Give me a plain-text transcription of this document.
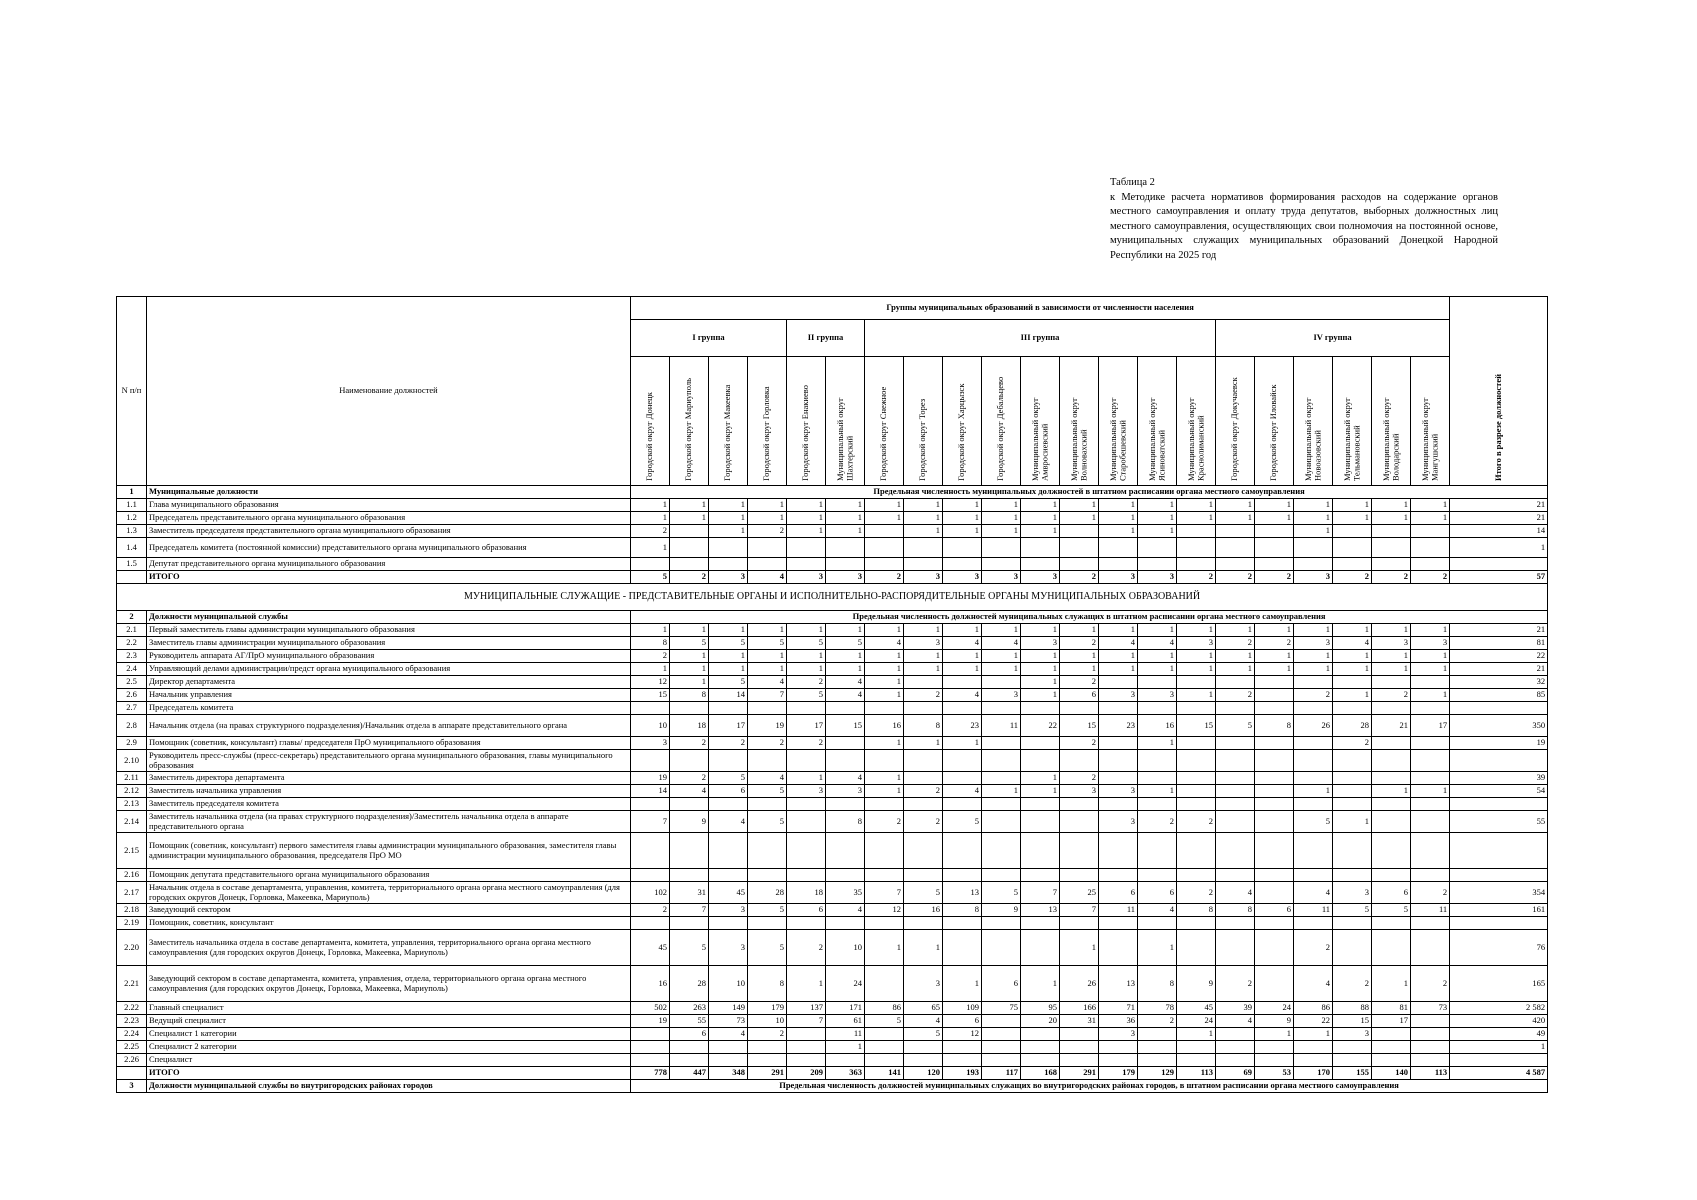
Таблица 2
к Методике расчета нормативов формирования расходов на содержание органов местного самоуправления и оплату труда депутатов, выборных должностных лиц местного самоуправления, осуществляющих свои полномочия на постоянной основе, муниципальных служащих муниципальных образований Донецкой Народной Республики на 2025 год
N п/п	Наименование должностей	Группы муниципальных образований в зависимости от численности населения																					Итого в разрезе должностей
		I группа				II группа		III группа									IV группа						
		Городской округ Донецк	Городской округ Мариуполь	Городской округ Макеевка	Городской округ Горловка	Городской округ Енакиево	Муниципальный округ Шахтерский	Городской округ Снежное	Городской округ Торез	Городской округ Харцызск	Городской округ Дебальцево	Муниципальный округ Амвросиевский	Муниципальный округ Волновахский	Муниципальный округ Старобешевский	Муниципальный округ Ясиноватский	Муниципальный округ Краснолиманский	Городской округ Докучаевск	Городской округ Иловайск	Муниципальный округ Новоазовский	Муниципальный округ Тельмановский	Муниципальный округ Володарский	Муниципальный округ Мангушский	
1	Муниципальные должности	Предельная численность муниципальных должностей в штатном расписании органа местного самоуправления																					
1.1	Глава муниципального образования	1	1	1	1	1	1	1	1	1	1	1	1	1	1	1	1	1	1	1	1	1	21
1.2	Председатель представительного органа муниципального образования	1	1	1	1	1	1	1	1	1	1	1	1	1	1	1	1	1	1	1	1	1	21
1.3	Заместитель председателя представительного органа муниципального образования	2		1	2	1	1		1	1	1	1		1	1				1				14
1.4	Председатель комитета (постоянной комиссии) представительного органа муниципального образования	1																					1
1.5	Депутат представительного органа муниципального образования																						
	ИТОГО	5	2	3	4	3	3	2	3	3	3	3	2	3	3	2	2	2	3	2	2	2	57
МУНИЦИПАЛЬНЫЕ СЛУЖАЩИЕ - ПРЕДСТАВИТЕЛЬНЫЕ ОРГАНЫ И ИСПОЛНИТЕЛЬНО-РАСПОРЯДИТЕЛЬНЫЕ ОРГАНЫ МУНИЦИПАЛЬНЫХ ОБРАЗОВАНИЙ																							
2	Должности муниципальной службы	Предельная численность должностей муниципальных служащих в штатном расписании органа местного самоуправления																					
2.1	Первый заместитель главы администрации муниципального образования	1	1	1	1	1	1	1	1	1	1	1	1	1	1	1	1	1	1	1	1	1	21
2.2	Заместитель главы администрации муниципального образования	8	5	5	5	5	5	4	3	4	4	3	2	4	4	3	2	2	3	4	3	3	81
2.3	Руководитель аппарата АГ/ПрО муниципального образования	2	1	1	1	1	1	1	1	1	1	1	1	1	1	1	1	1	1	1	1	1	22
2.4	Управляющий делами администрации/предст органа муниципального образования	1	1	1	1	1	1	1	1	1	1	1	1	1	1	1	1	1	1	1	1	1	21
2.5	Директор департамента	12	1	5	4	2	4	1				1	2										32
2.6	Начальник управления	15	8	14	7	5	4	1	2	4	3	1	6	3	3	1	2		2	1	2	1	85
2.7	Председатель комитета																						
2.8	Начальник отдела (на правах структурного подразделения)/Начальник отдела в аппарате представительного органа	10	18	17	19	17	15	16	8	23	11	22	15	23	16	15	5	8	26	28	21	17	350
2.9	Помощник (советник, консультант) главы/ председателя ПрО муниципального образования	3	2	2	2	2		1	1	1			2		1					2			19
2.10	Руководитель пресс-службы (пресс-секретарь) представительного органа муниципального образования, главы муниципального образования																						
2.11	Заместитель директора департамента	19	2	5	4	1	4	1				1	2										39
2.12	Заместитель начальника управления	14	4	6	5	3	3	1	2	4	1	1	3	3	1				1		1	1	54
2.13	Заместитель председателя комитета																						
2.14	Заместитель начальника отдела (на правах структурного подразделения)/Заместитель начальника отдела в аппарате представительного органа	7	9	4	5		8	2	2	5				3	2	2			5	1			55
2.15	Помощник (советник, консультант) первого заместителя главы администрации муниципального образования, заместителя главы администрации муниципального образования, председателя ПрО МО																						
2.16	Помощник депутата представительного органа муниципального образования																						
2.17	Начальник отдела в составе департамента, управления, комитета, территориального органа органа местного самоуправления (для городских округов Донецк, Горловка, Макеевка, Мариуполь)	102	31	45	28	18	35	7	5	13	5	7	25	6	6	2	4		4	3	6	2	354
2.18	Заведующий сектором	2	7	3	5	6	4	12	16	8	9	13	7	11	4	8	8	6	11	5	5	11	161
2.19	Помощник, советник, консультант																						
2.20	Заместитель начальника отдела в составе департамента, комитета, управления, территориального органа органа местного самоуправления (для городских округов Донецк, Горловка, Макеевка, Мариуполь)	45	5	3	5	2	10	1	1				1		1				2				76
2.21	Заведующий сектором в составе департамента, комитета, управления, отдела, территориального органа органа местного самоуправления (для городских округов Донецк, Горловка, Макеевка, Мариуполь)	16	28	10	8	1	24		3	1	6	1	26	13	8	9	2		4	2	1	2	165
2.22	Главный специалист	502	263	149	179	137	171	86	65	109	75	95	166	71	78	45	39	24	86	88	81	73	2 582
2.23	Ведущий специалист	19	55	73	10	7	61	5	4	6		20	31	36	2	24	4	9	22	15	17		420
2.24	Специалист 1 категории		6	4	2		11		5	12				3		1		1	1	3			49
2.25	Специалист 2 категории						1																1
2.26	Специалист																						
	ИТОГО	778	447	348	291	209	363	141	120	193	117	168	291	179	129	113	69	53	170	155	140	113	4 587
3	Должности муниципальной службы во внутригородских районах городов	Предельная численность должностей муниципальных служащих во внутригородских районах городов, в штатном расписании органа местного самоуправления																					
